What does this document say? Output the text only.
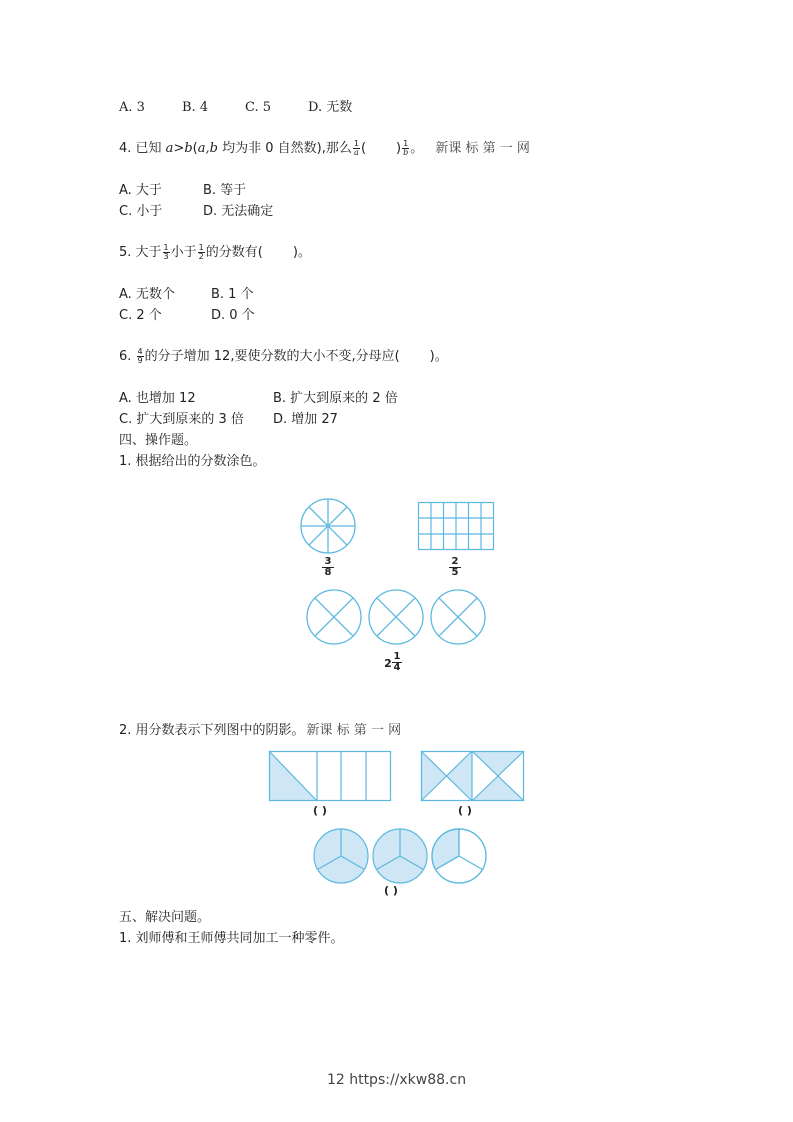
A. 3	B. 4	C. 5	D. 无数
4. 已知 a>b(a,b 均为非 0 自然数),那么 $\frac{1}{a}$ ( ) $\frac{1}{b}$ 。 新课 标 第 一 网
A. 大于	B. 等于
C. 小于	D. 无法确定
5. 大于 $\frac{1}{3}$ 小于 $\frac{1}{2}$ 的分数有( )。
A. 无数个	B. 1 个
C. 2 个	D. 0 个
6. $\frac{4}{9}$ 的分子增加 12,要使分数的大小不变,分母应( )。
A. 也增加 12	B. 扩大到原来的 2 倍
C. 扩大到原来的 3 倍 D. 增加 27
四、操作题。
1. 根据给出的分数涂色。
$\frac{3}{8}$	$\frac{2}{5}$
$2 \frac{1}{4}$
2. 用分数表示下列图中的阴影。 新课 标 第 一 网
( )	( )
( )
五、解决问题。
1. 刘师傅和王师傅共同加工一种零件。
12 https://xkw88.cn
